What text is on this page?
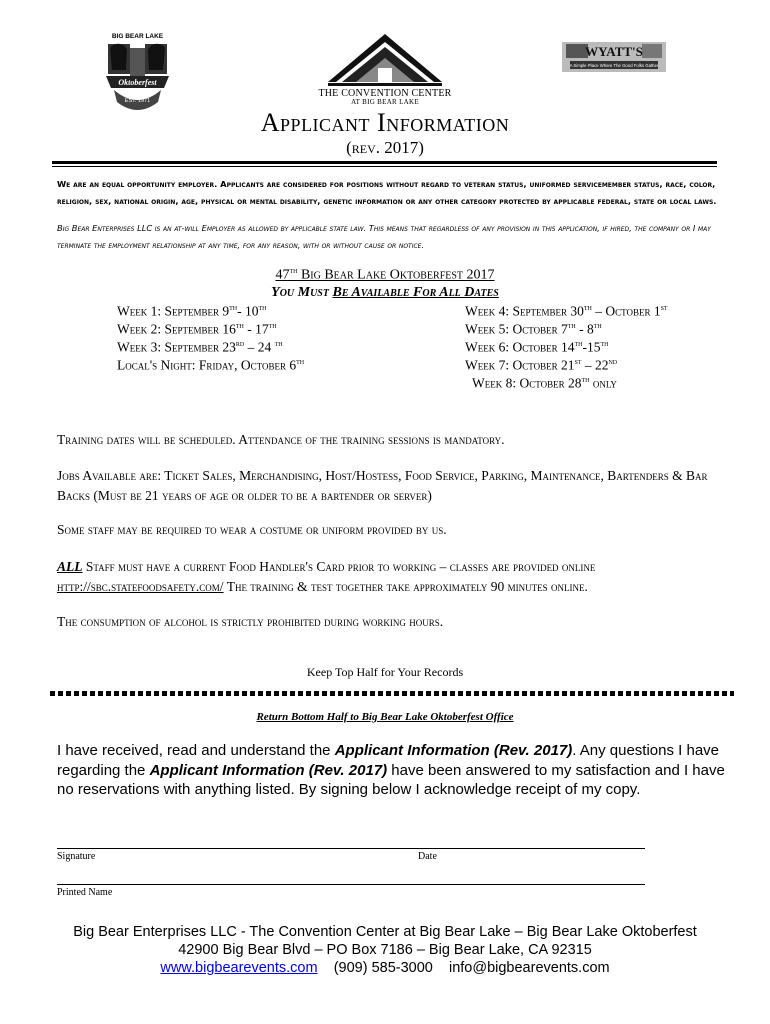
BIG BEAR LAKE
Oktoberfest
EST. 1971
THE CONVENTION CENTER
AT BIG BEAR LAKE
WYATT'S
A Simple Place Where The Good Folks Gather
Applicant Information
(rev. 2017)
We are an equal opportunity employer. Applicants are considered for positions without regard to veteran status, uniformed servicemember status, race, color, religion, sex, national origin, age, physical or mental disability, genetic information or any other category protected by applicable federal, state or local laws.
Big Bear Enterprises LLC is an at-will Employer as allowed by applicable state law. This means that regardless of any provision in this application, if hired, the company or I may terminate the employment relationship at any time, for any reason, with or without cause or notice.
47th Big Bear Lake Oktoberfest 2017
You Must Be Available For All Dates
Week 1: September 9th- 10th
Week 2: September 16th - 17th
Week 3: September 23rd – 24 $^{th}$
Local's Night: Friday, October 6th
Week 4: September 30th – October 1st
Week 5: October 7th - 8th
Week 6: October 14th-15th
Week 7: October 21st – 22nd
Week 8: October 28th only
Training dates will be scheduled. Attendance of the training sessions is mandatory.
Jobs Available are: Ticket Sales, Merchandising, Host/Hostess, Food Service, Parking, Maintenance, Bartenders & Bar Backs (Must be 21 years of age or older to be a bartender or server)
Some staff may be required to wear a costume or uniform provided by us.
ALL Staff must have a current Food Handler's Card prior to working – classes are provided online
http://sbc.statefoodsafety.com/ The training & test together take approximately 90 minutes online.
The consumption of alcohol is strictly prohibited during working hours.
Keep Top Half for Your Records
Return Bottom Half to Big Bear Lake Oktoberfest Office
I have received, read and understand the Applicant Information (Rev. 2017). Any questions I have regarding the Applicant Information (Rev. 2017) have been answered to my satisfaction and I have no reservations with anything listed. By signing below I acknowledge receipt of my copy.
Signature	Date
Printed Name
Big Bear Enterprises LLC - The Convention Center at Big Bear Lake – Big Bear Lake Oktoberfest
42900 Big Bear Blvd – PO Box 7186 – Big Bear Lake, CA 92315
www.bigbearevents.com (909) 585-3000 info@bigbearevents.com
